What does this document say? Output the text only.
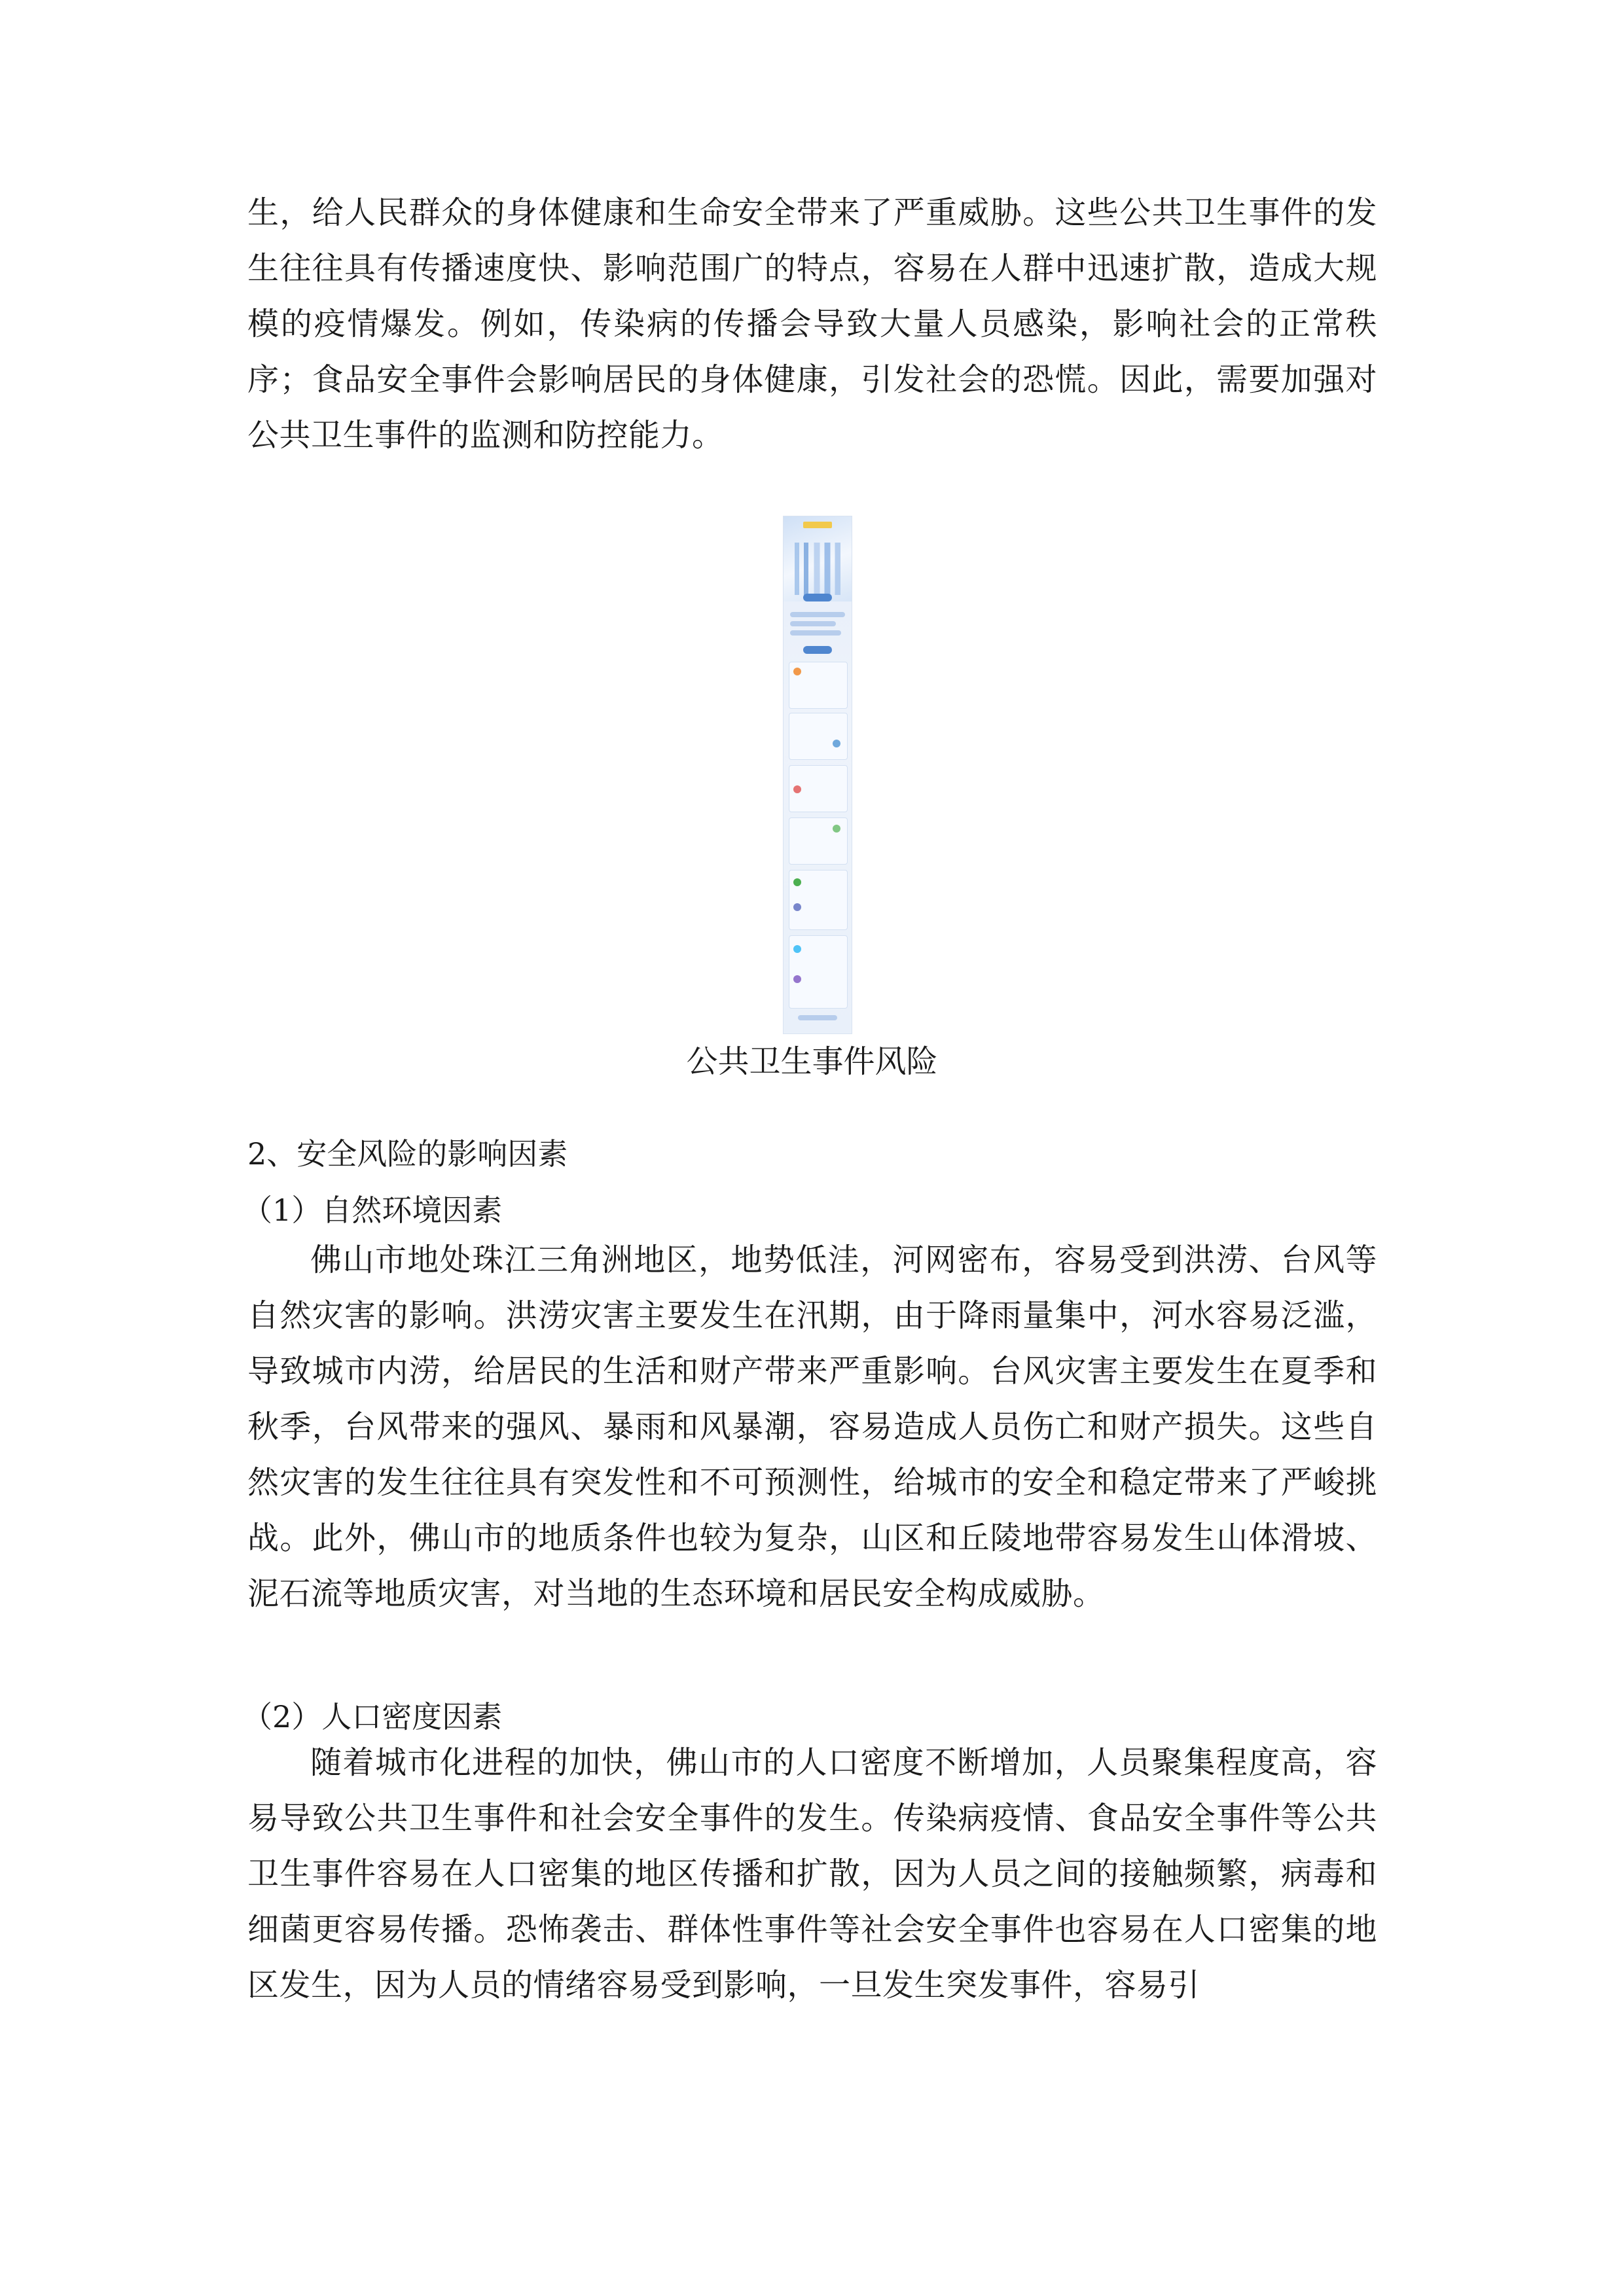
生，给人民群众的身体健康和生命安全带来了严重威胁。这些公共卫生事件的发生往往具有传播速度快、影响范围广的特点，容易在人群中迅速扩散，造成大规模的疫情爆发。例如，传染病的传播会导致大量人员感染，影响社会的正常秩序；食品安全事件会影响居民的身体健康，引发社会的恐慌。因此，需要加强对公共卫生事件的监测和防控能力。

公共卫生事件风险

2、安全风险的影响因素

（1）自然环境因素

佛山市地处珠江三角洲地区，地势低洼，河网密布，容易受到洪涝、台风等自然灾害的影响。洪涝灾害主要发生在汛期，由于降雨量集中，河水容易泛滥，导致城市内涝，给居民的生活和财产带来严重影响。台风灾害主要发生在夏季和秋季，台风带来的强风、暴雨和风暴潮，容易造成人员伤亡和财产损失。这些自然灾害的发生往往具有突发性和不可预测性，给城市的安全和稳定带来了严峻挑战。此外，佛山市的地质条件也较为复杂，山区和丘陵地带容易发生山体滑坡、泥石流等地质灾害，对当地的生态环境和居民安全构成威胁。

（2）人口密度因素

随着城市化进程的加快，佛山市的人口密度不断增加，人员聚集程度高，容易导致公共卫生事件和社会安全事件的发生。传染病疫情、食品安全事件等公共卫生事件容易在人口密集的地区传播和扩散，因为人员之间的接触频繁，病毒和细菌更容易传播。恐怖袭击、群体性事件等社会安全事件也容易在人口密集的地区发生，因为人员的情绪容易受到影响，一旦发生突发事件，容易引
